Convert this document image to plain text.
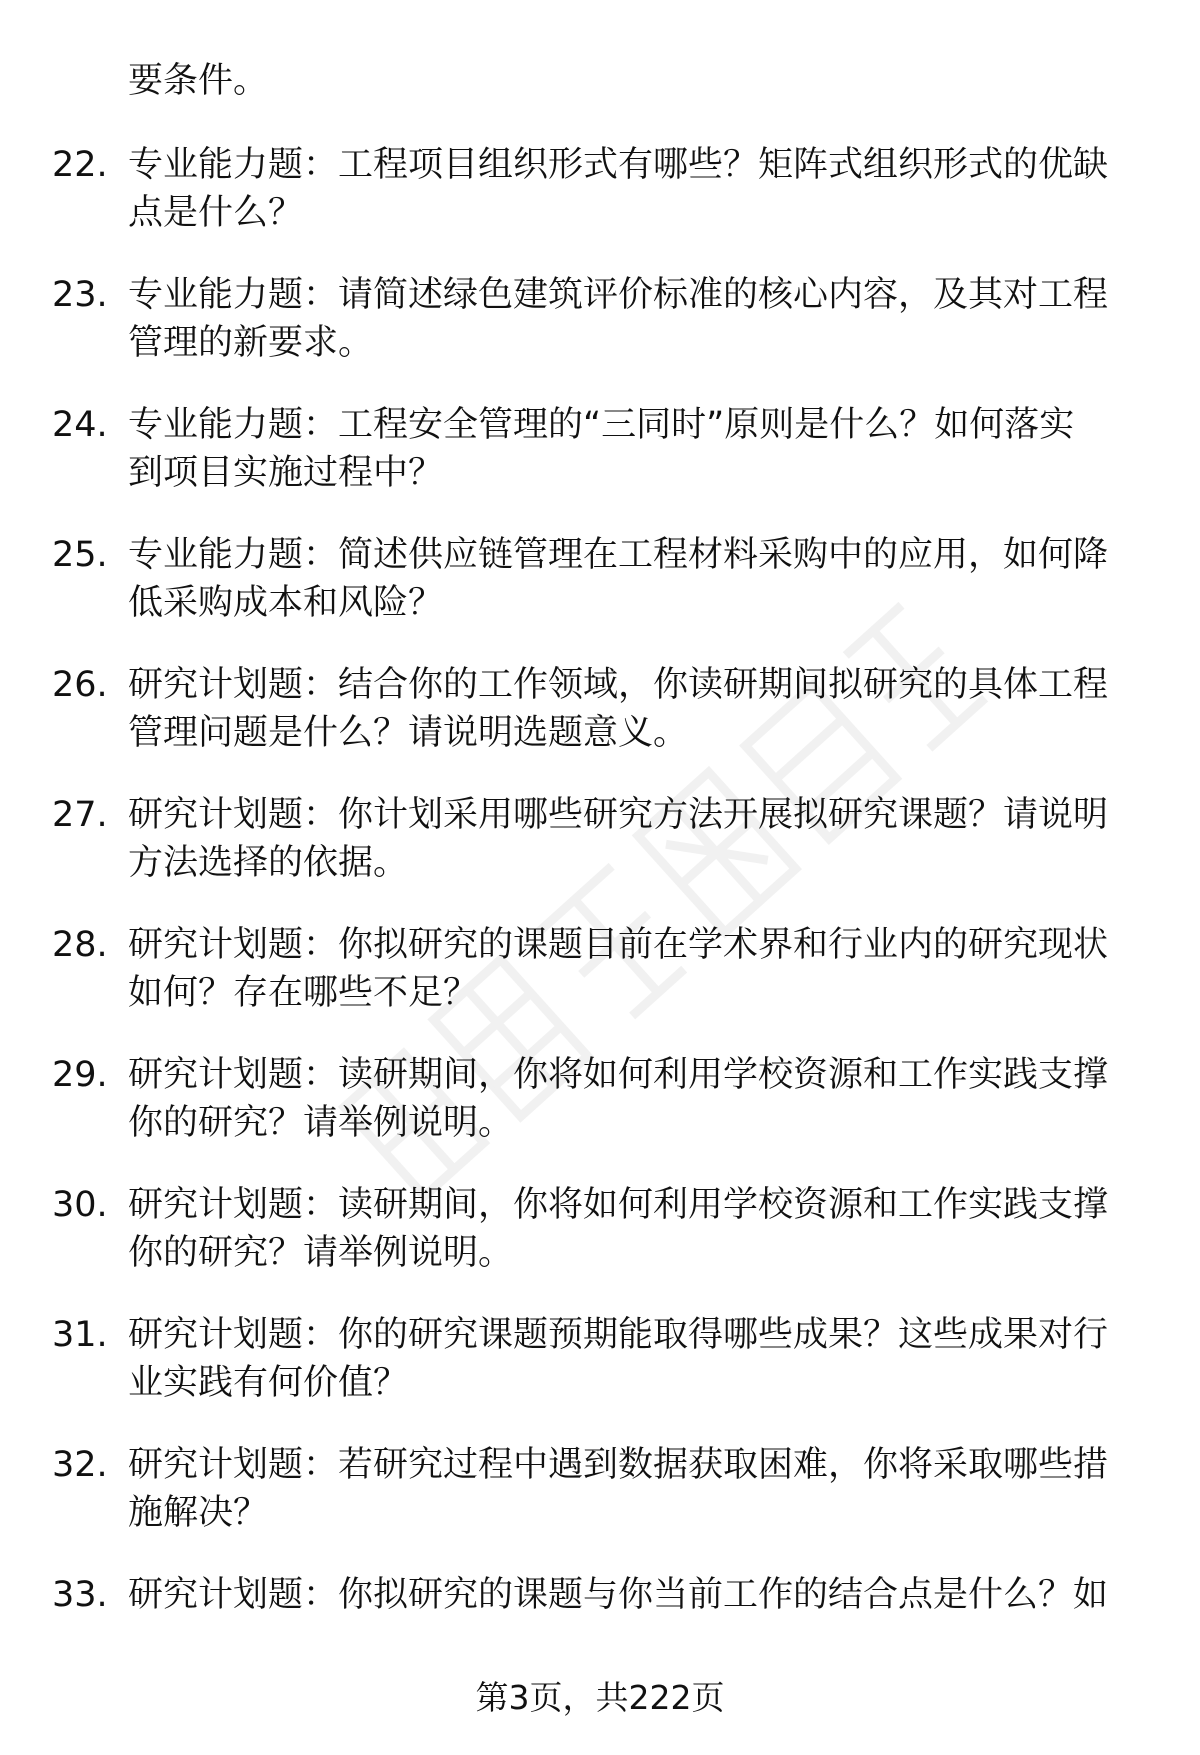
要条件。
22. 专业能力题：工程项目组织形式有哪些？矩阵式组织形式的优缺
点是什么？
23. 专业能力题：请简述绿色建筑评价标准的核心内容，及其对工程
管理的新要求。
24. 专业能力题：工程安全管理的“三同时”原则是什么？如何落实
到项目实施过程中？
25. 专业能力题：简述供应链管理在工程材料采购中的应用，如何降
低采购成本和风险？
26. 研究计划题：结合你的工作领域，你读研期间拟研究的具体工程
管理问题是什么？请说明选题意义。
27. 研究计划题：你计划采用哪些研究方法开展拟研究课题？请说明
方法选择的依据。
28. 研究计划题：你拟研究的课题目前在学术界和行业内的研究现状
如何？存在哪些不足？
29. 研究计划题：读研期间，你将如何利用学校资源和工作实践支撑
你的研究？请举例说明。
30. 研究计划题：读研期间，你将如何利用学校资源和工作实践支撑
你的研究？请举例说明。
31. 研究计划题：你的研究课题预期能取得哪些成果？这些成果对行
业实践有何价值？
32. 研究计划题：若研究过程中遇到数据获取困难，你将采取哪些措
施解决？
33. 研究计划题：你拟研究的课题与你当前工作的结合点是什么？如
第3页，共222页
